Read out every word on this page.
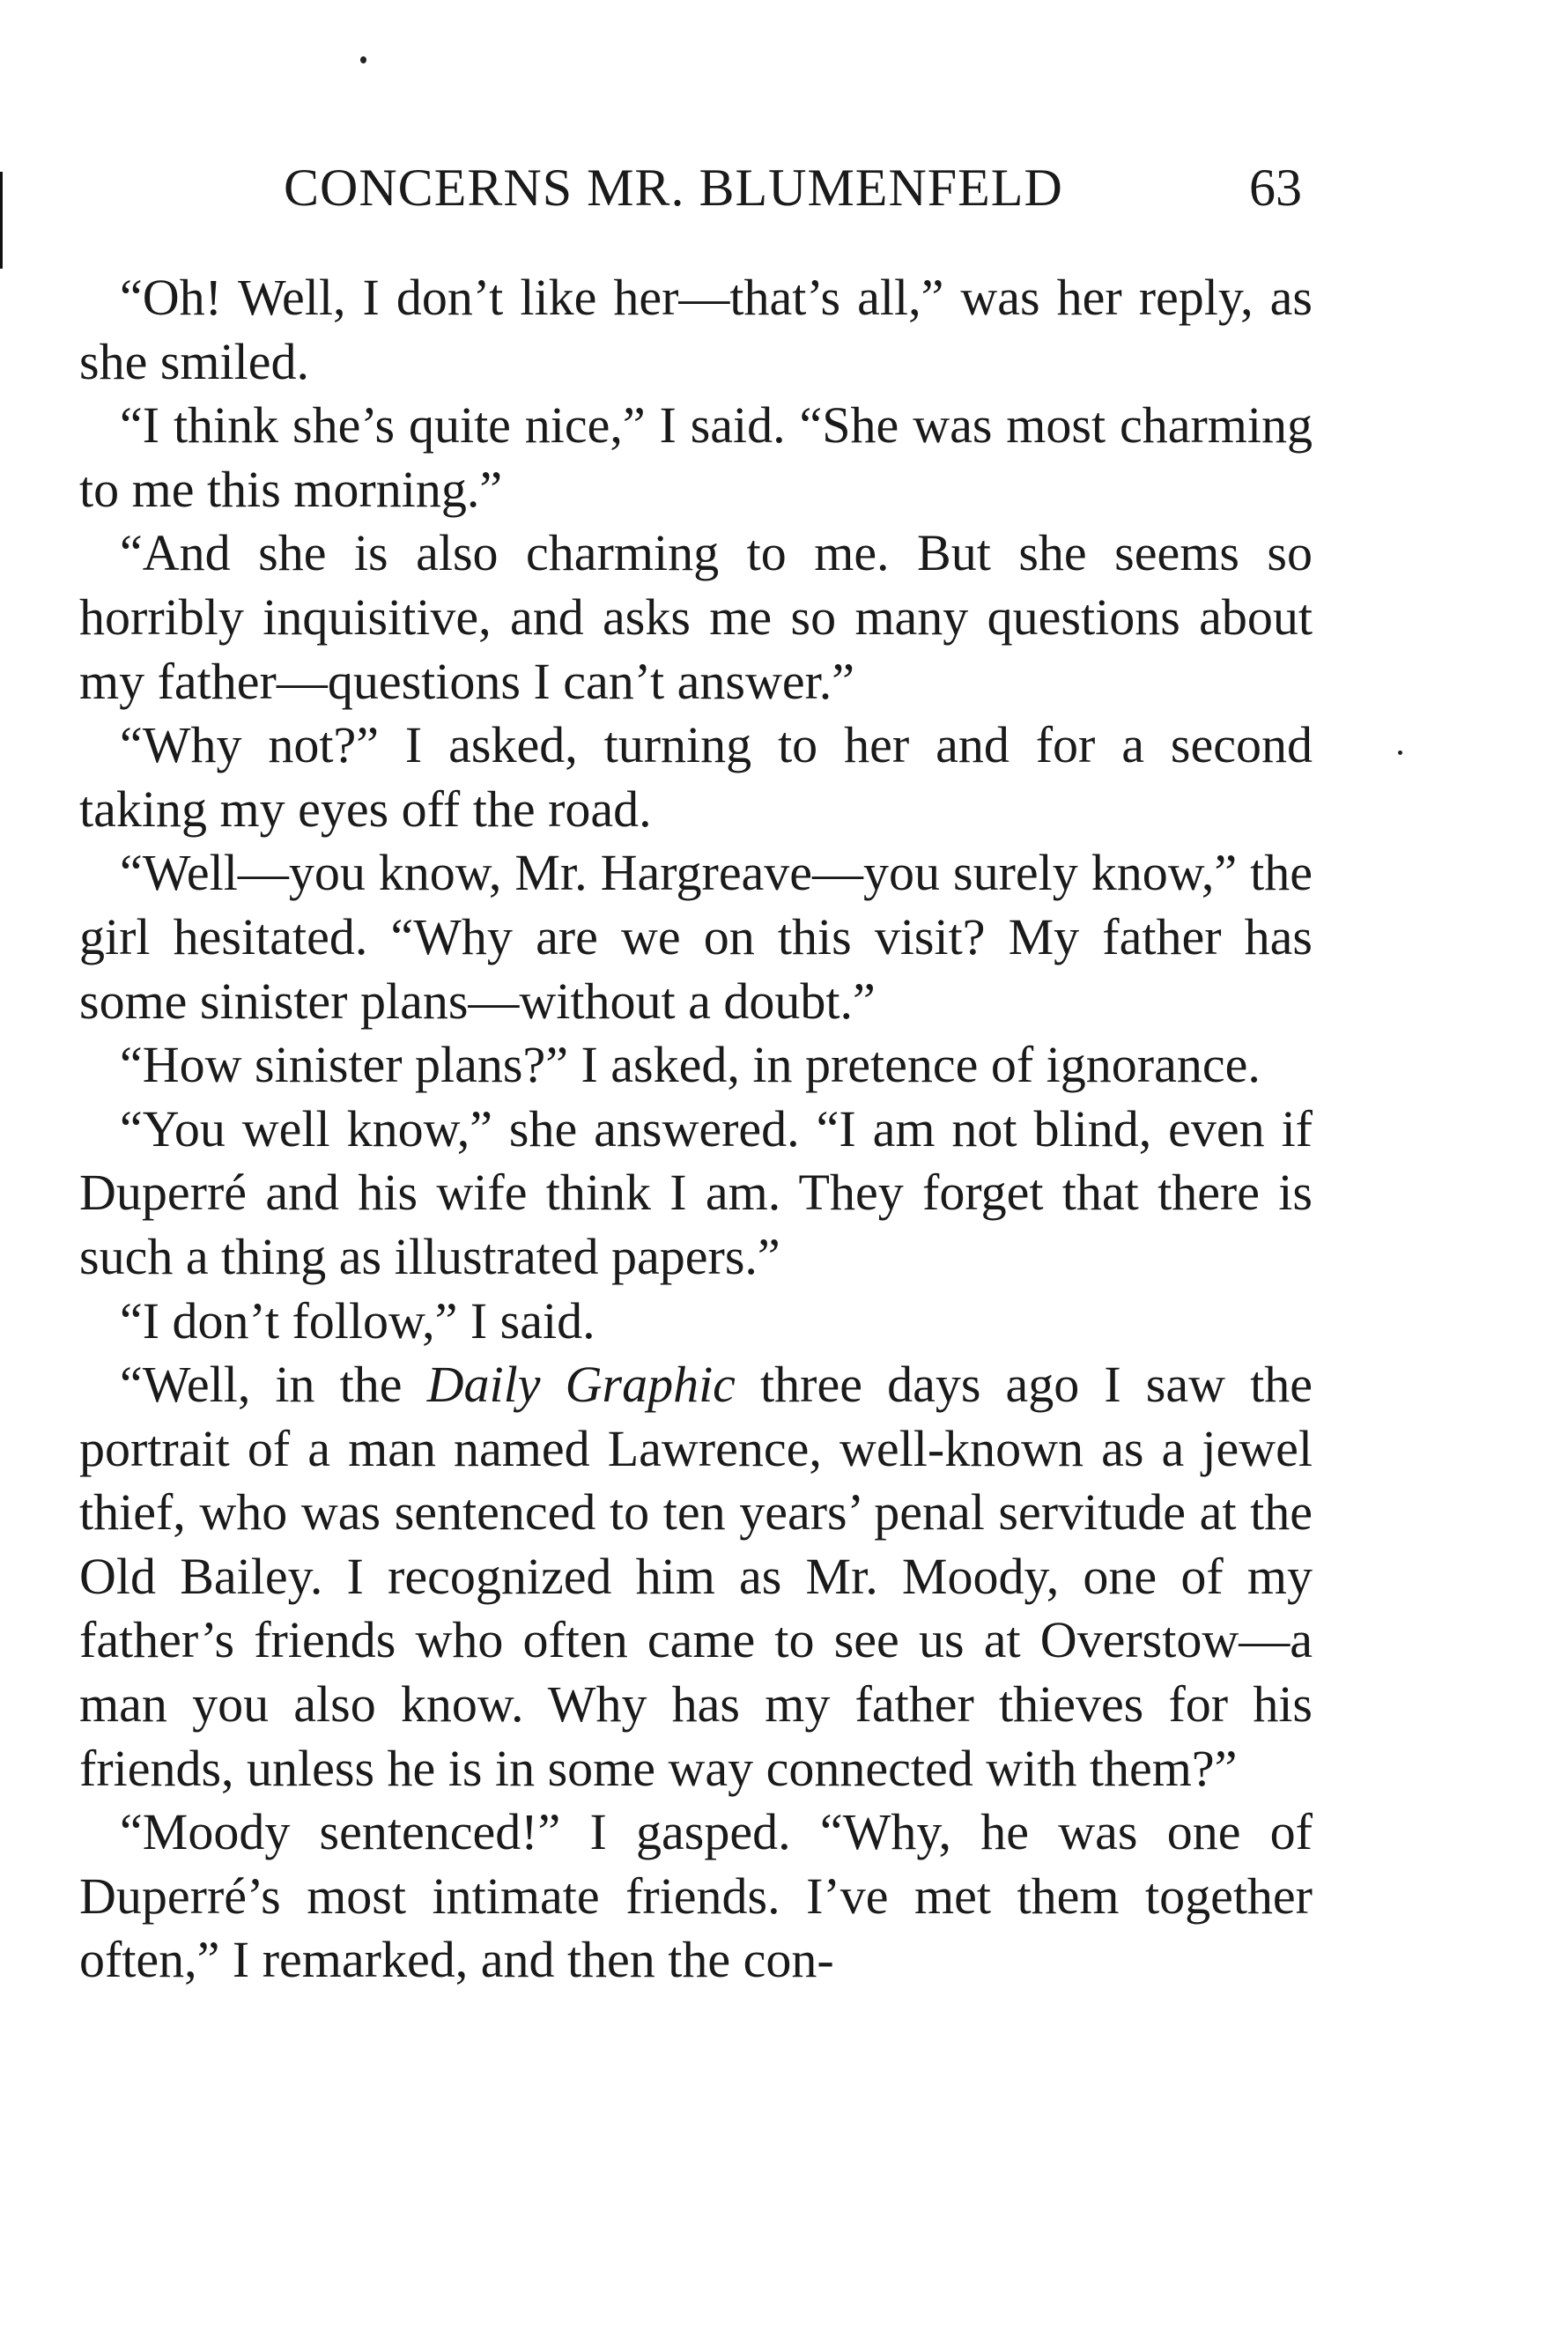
CONCERNS MR. BLUMENFELD	63

“Oh! Well, I don’t like her—that’s all,” was her reply, as she smiled.

“I think she’s quite nice,” I said. “She was most charming to me this morning.”

“And she is also charming to me. But she seems so horribly inquisitive, and asks me so many questions about my father—questions I can’t answer.”

“Why not?” I asked, turning to her and for a second taking my eyes off the road.

“Well—you know, Mr. Hargreave—you surely know,” the girl hesitated. “Why are we on this visit? My father has some sinister plans—without a doubt.”

“How sinister plans?” I asked, in pretence of ignorance.

“You well know,” she answered. “I am not blind, even if Duperré and his wife think I am. They forget that there is such a thing as illustrated papers.”

“I don’t follow,” I said.

“Well, in the Daily Graphic three days ago I saw the portrait of a man named Lawrence, well-known as a jewel thief, who was sentenced to ten years’ penal servitude at the Old Bailey. I recognized him as Mr. Moody, one of my father’s friends who often came to see us at Overstow—a man you also know. Why has my father thieves for his friends, unless he is in some way connected with them?”

“Moody sentenced!” I gasped. “Why, he was one of Duperré’s most intimate friends. I’ve met them together often,” I remarked, and then the con-
